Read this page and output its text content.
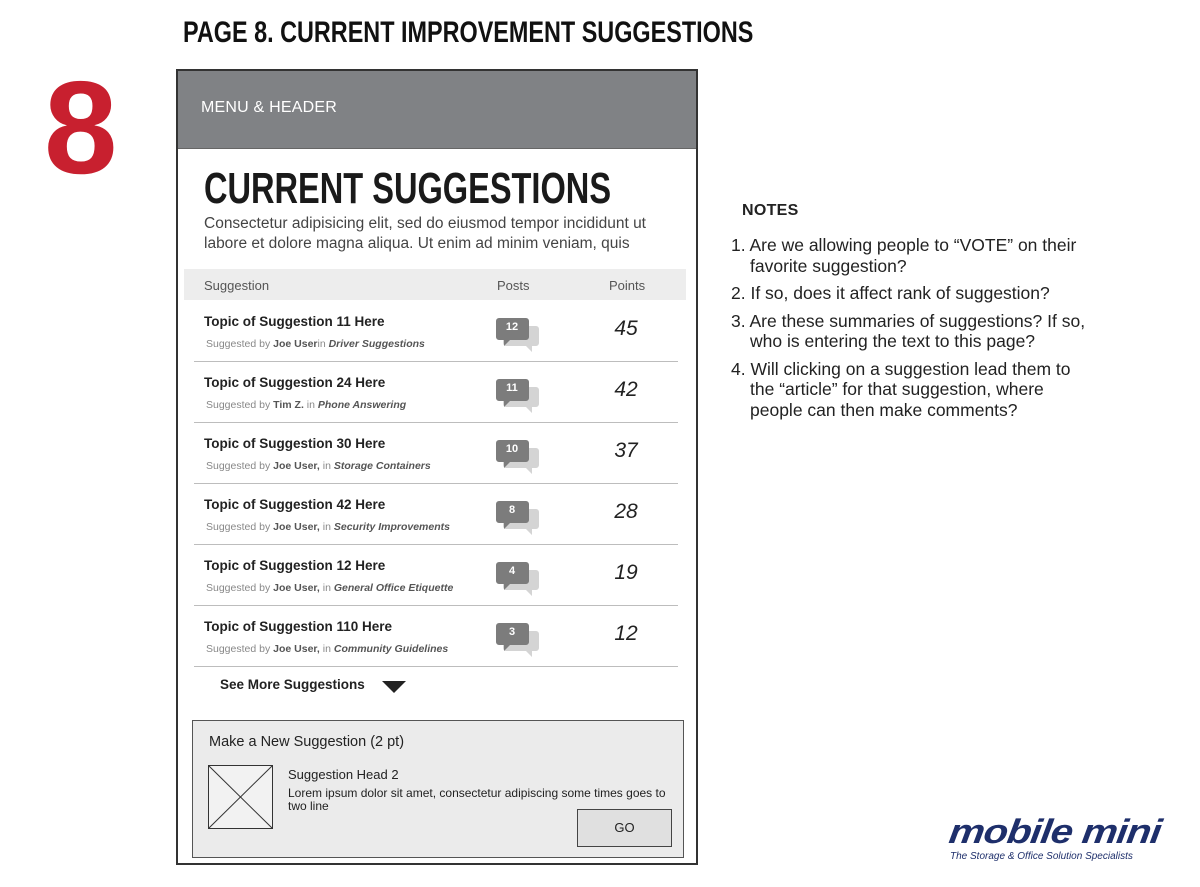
PAGE 8. CURRENT IMPROVEMENT SUGGESTIONS
8	MENU & HEADER
CURRENT SUGGESTIONS
Consectetur adipisicing elit, sed do eiusmod tempor incididunt ut labore et dolore magna aliqua. Ut enim ad minim veniam, quis
Suggestion	Posts	Points
Topic of Suggestion 11 Here
Suggested by Joe Userin Driver Suggestions
12	45
Topic of Suggestion 24 Here
Suggested by Tim Z. in Phone Answering
11	42
Topic of Suggestion 30 Here
Suggested by Joe User, in Storage Containers
10	37
Topic of Suggestion 42 Here
Suggested by Joe User, in Security Improvements
8	28
Topic of Suggestion 12 Here
Suggested by Joe User, in General Office Etiquette
4	19
Topic of Suggestion 110 Here
Suggested by Joe User, in Community Guidelines
3	12
See More Suggestions
Make a New Suggestion (2 pt)
Suggestion Head 2
Lorem ipsum dolor sit amet, consectetur adipiscing some times goes to two line
GO
NOTES
1. Are we allowing people to “VOTE” on their favorite suggestion?
2. If so, does it affect rank of suggestion?
3. Are these summaries of suggestions? If so, who is entering the text to this page?
4. Will clicking on a suggestion lead them to the “article” for that suggestion, where people can then make comments?
mobile mini
The Storage & Office Solution Specialists
